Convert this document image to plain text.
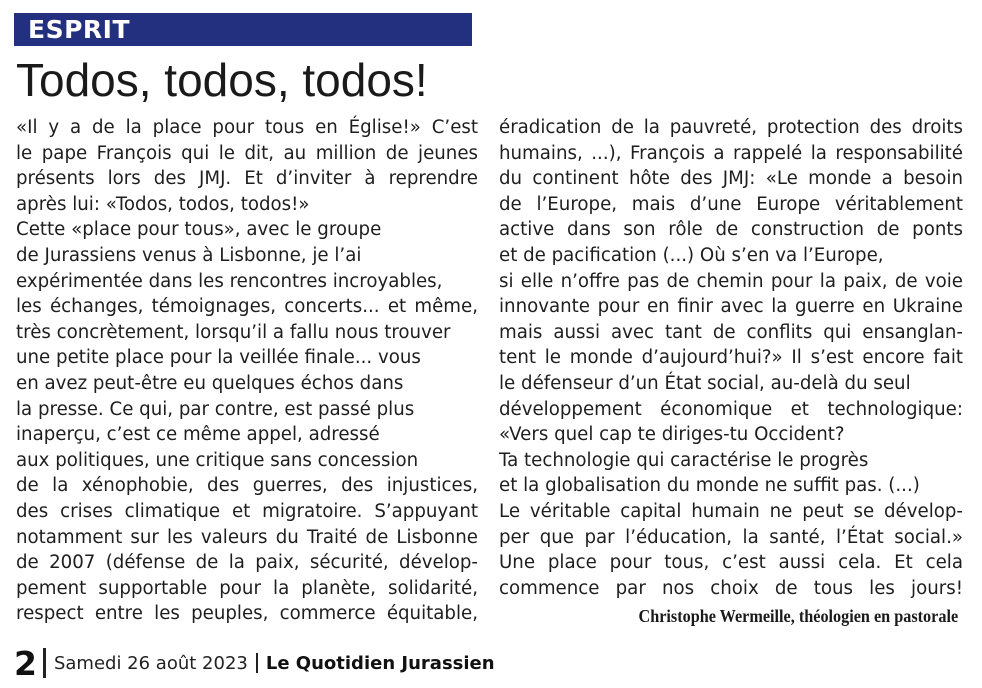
ESPRIT
Todos, todos, todos!
«Il y a de la place pour tous en Église!» C’est
le pape François qui le dit, au million de jeunes
présents lors des JMJ. Et d’inviter à reprendre
après lui: «Todos, todos, todos!»
Cette «place pour tous», avec le groupe
de Jurassiens venus à Lisbonne, je l’ai
expérimentée dans les rencontres incroyables,
les échanges, témoignages, concerts... et même,
très concrètement, lorsqu’il a fallu nous trouver
une petite place pour la veillée finale... vous
en avez peut-être eu quelques échos dans
la presse. Ce qui, par contre, est passé plus
inaperçu, c’est ce même appel, adressé
aux politiques, une critique sans concession
de la xénophobie, des guerres, des injustices,
des crises climatique et migratoire. S’appuyant
notamment sur les valeurs du Traité de Lisbonne
de 2007 (défense de la paix, sécurité, dévelop-
pement supportable pour la planète, solidarité,
respect entre les peuples, commerce équitable,
éradication de la pauvreté, protection des droits
humains, ...), François a rappelé la responsabilité
du continent hôte des JMJ: «Le monde a besoin
de l’Europe, mais d’une Europe véritablement
active dans son rôle de construction de ponts
et de pacification (...) Où s’en va l’Europe,
si elle n’offre pas de chemin pour la paix, de voie
innovante pour en finir avec la guerre en Ukraine
mais aussi avec tant de conflits qui ensanglan-
tent le monde d’aujourd’hui?» Il s’est encore fait
le défenseur d’un État social, au-delà du seul
développement économique et technologique:
«Vers quel cap te diriges-tu Occident?
Ta technologie qui caractérise le progrès
et la globalisation du monde ne suffit pas. (...)
Le véritable capital humain ne peut se dévelop-
per que par l’éducation, la santé, l’État social.»
Une place pour tous, c’est aussi cela. Et cela
commence par nos choix de tous les jours!
Christophe Wermeille, théologien en pastorale
2 Samedi 26 août 2023 Le Quotidien Jurassien
